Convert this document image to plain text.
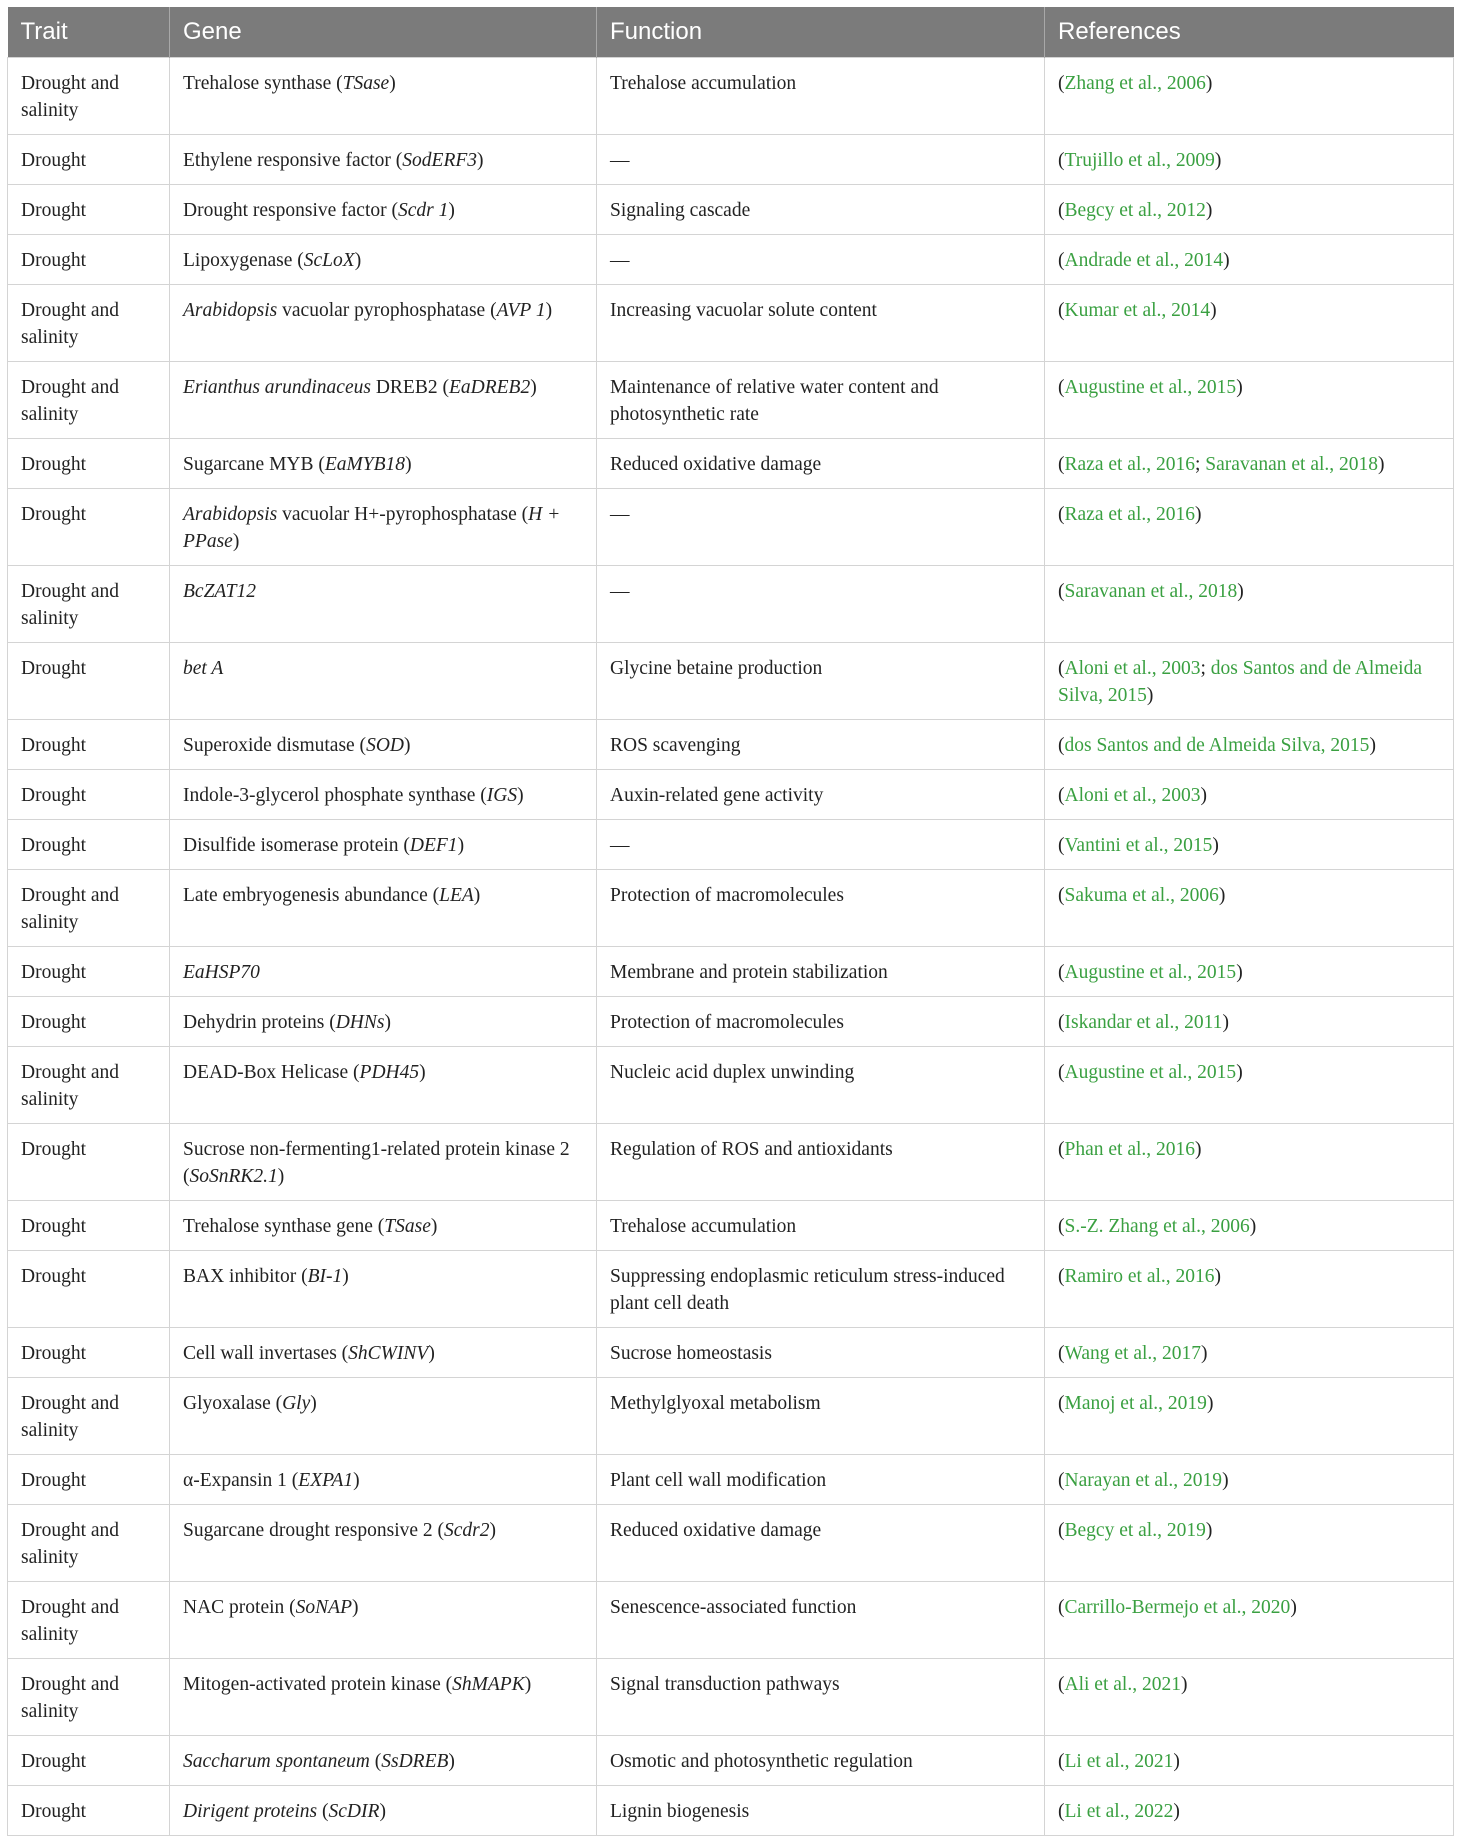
Trait	Gene	Function	References
Drought and salinity	Trehalose synthase (TSase)	Trehalose accumulation	(Zhang et al., 2006)
Drought	Ethylene responsive factor (SodERF3)	—	(Trujillo et al., 2009)
Drought	Drought responsive factor (Scdr 1)	Signaling cascade	(Begcy et al., 2012)
Drought	Lipoxygenase (ScLoX)	—	(Andrade et al., 2014)
Drought and salinity	Arabidopsis vacuolar pyrophosphatase (AVP 1)	Increasing vacuolar solute content	(Kumar et al., 2014)
Drought and salinity	Erianthus arundinaceus DREB2 (EaDREB2)	Maintenance of relative water content and photosynthetic rate	(Augustine et al., 2015)
Drought	Sugarcane MYB (EaMYB18)	Reduced oxidative damage	(Raza et al., 2016; Saravanan et al., 2018)
Drought	Arabidopsis vacuolar H+-pyrophosphatase (H + PPase)	—	(Raza et al., 2016)
Drought and salinity	BcZAT12	—	(Saravanan et al., 2018)
Drought	bet A	Glycine betaine production	(Aloni et al., 2003; dos Santos and de Almeida Silva, 2015)
Drought	Superoxide dismutase (SOD)	ROS scavenging	(dos Santos and de Almeida Silva, 2015)
Drought	Indole-3-glycerol phosphate synthase (IGS)	Auxin-related gene activity	(Aloni et al., 2003)
Drought	Disulfide isomerase protein (DEF1)	—	(Vantini et al., 2015)
Drought and salinity	Late embryogenesis abundance (LEA)	Protection of macromolecules	(Sakuma et al., 2006)
Drought	EaHSP70	Membrane and protein stabilization	(Augustine et al., 2015)
Drought	Dehydrin proteins (DHNs)	Protection of macromolecules	(Iskandar et al., 2011)
Drought and salinity	DEAD-Box Helicase (PDH45)	Nucleic acid duplex unwinding	(Augustine et al., 2015)
Drought	Sucrose non-fermenting1-related protein kinase 2 (SoSnRK2.1)	Regulation of ROS and antioxidants	(Phan et al., 2016)
Drought	Trehalose synthase gene (TSase)	Trehalose accumulation	(S.-Z. Zhang et al., 2006)
Drought	BAX inhibitor (BI-1)	Suppressing endoplasmic reticulum stress-induced plant cell death	(Ramiro et al., 2016)
Drought	Cell wall invertases (ShCWINV)	Sucrose homeostasis	(Wang et al., 2017)
Drought and salinity	Glyoxalase (Gly)	Methylglyoxal metabolism	(Manoj et al., 2019)
Drought	α-Expansin 1 (EXPA1)	Plant cell wall modification	(Narayan et al., 2019)
Drought and salinity	Sugarcane drought responsive 2 (Scdr2)	Reduced oxidative damage	(Begcy et al., 2019)
Drought and salinity	NAC protein (SoNAP)	Senescence-associated function	(Carrillo-Bermejo et al., 2020)
Drought and salinity	Mitogen-activated protein kinase (ShMAPK)	Signal transduction pathways	(Ali et al., 2021)
Drought	Saccharum spontaneum (SsDREB)	Osmotic and photosynthetic regulation	(Li et al., 2021)
Drought	Dirigent proteins (ScDIR)	Lignin biogenesis	(Li et al., 2022)
